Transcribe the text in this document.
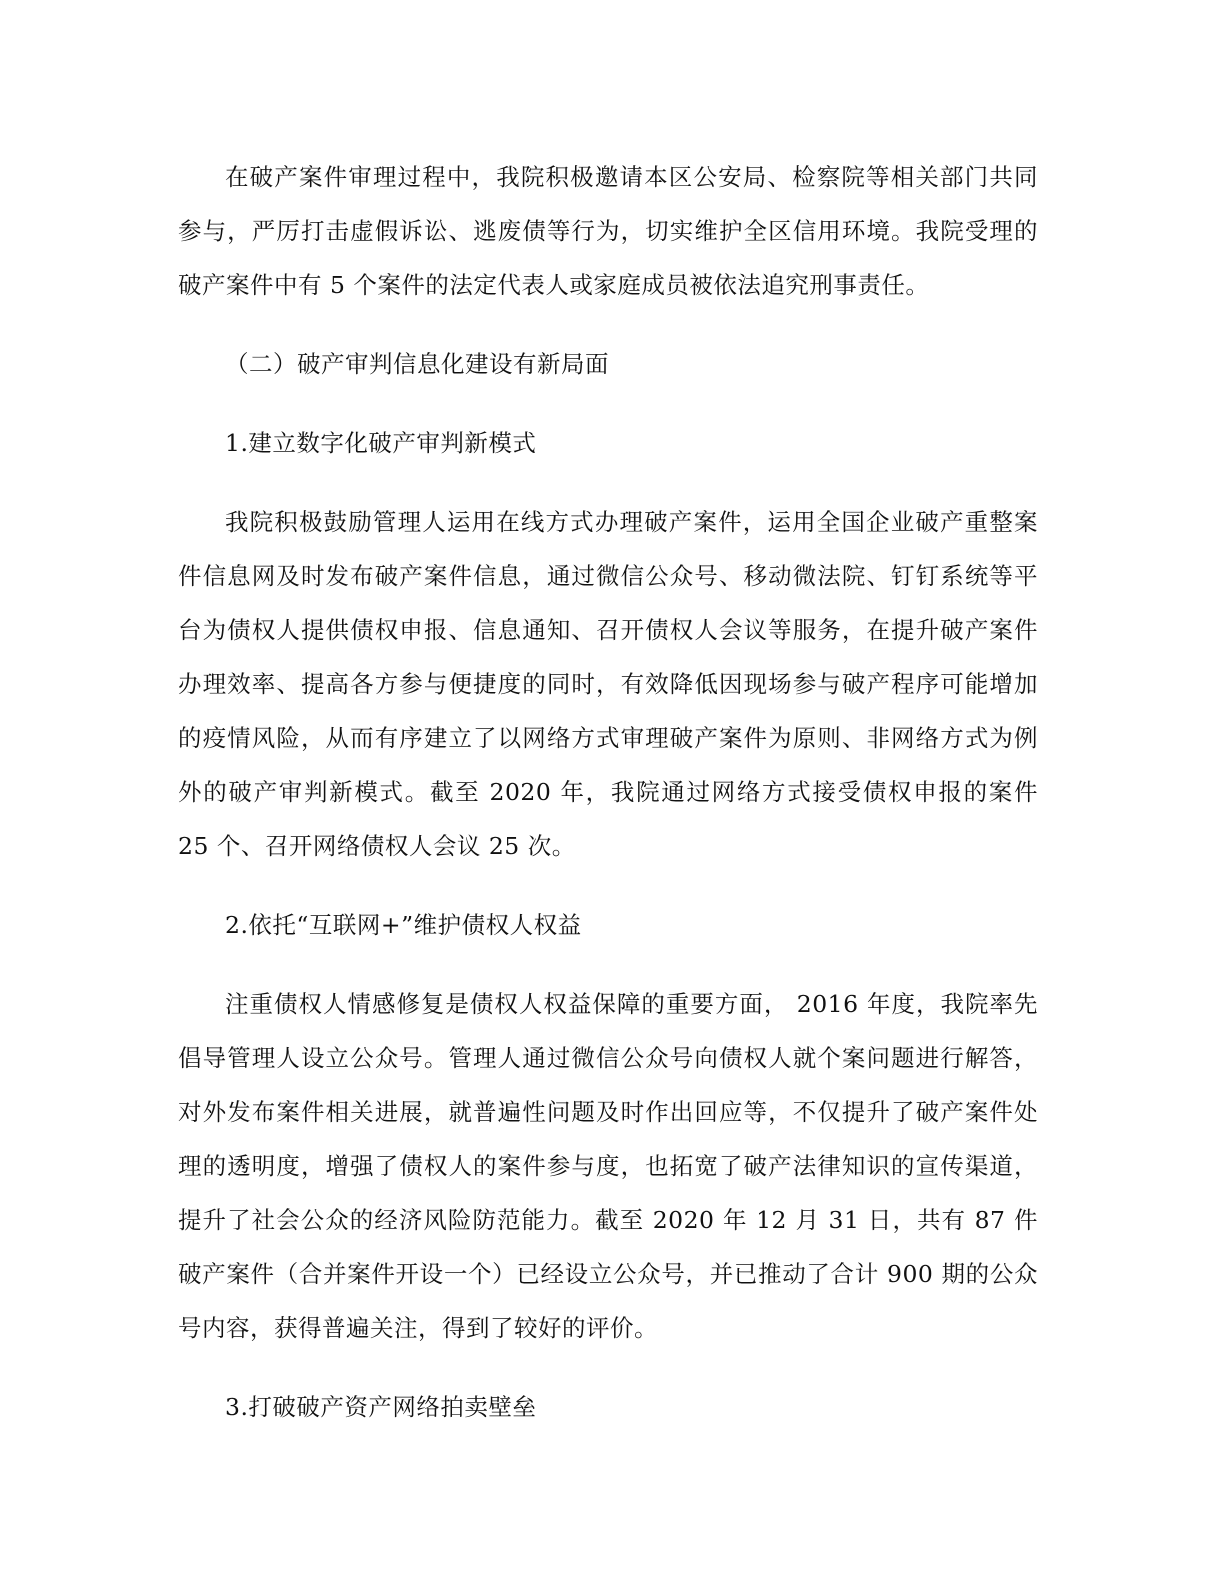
在破产案件审理过程中，我院积极邀请本区公安局、检察院等相关部门共同参与，严厉打击虚假诉讼、逃废债等行为，切实维护全区信用环境。我院受理的破产案件中有 5 个案件的法定代表人或家庭成员被依法追究刑事责任。

（二）破产审判信息化建设有新局面

1.建立数字化破产审判新模式

我院积极鼓励管理人运用在线方式办理破产案件，运用全国企业破产重整案件信息网及时发布破产案件信息，通过微信公众号、移动微法院、钉钉系统等平台为债权人提供债权申报、信息通知、召开债权人会议等服务，在提升破产案件办理效率、提高各方参与便捷度的同时，有效降低因现场参与破产程序可能增加的疫情风险，从而有序建立了以网络方式审理破产案件为原则、非网络方式为例外的破产审判新模式。截至 2020 年，我院通过网络方式接受债权申报的案件 25 个、召开网络债权人会议 25 次。

2.依托“互联网+”维护债权人权益

注重债权人情感修复是债权人权益保障的重要方面， 2016 年度，我院率先倡导管理人设立公众号。管理人通过微信公众号向债权人就个案问题进行解答，对外发布案件相关进展，就普遍性问题及时作出回应等，不仅提升了破产案件处理的透明度，增强了债权人的案件参与度，也拓宽了破产法律知识的宣传渠道，提升了社会公众的经济风险防范能力。截至 2020 年 12 月 31 日，共有 87 件破产案件（合并案件开设一个）已经设立公众号，并已推动了合计 900 期的公众号内容，获得普遍关注，得到了较好的评价。

3.打破破产资产网络拍卖壁垒
